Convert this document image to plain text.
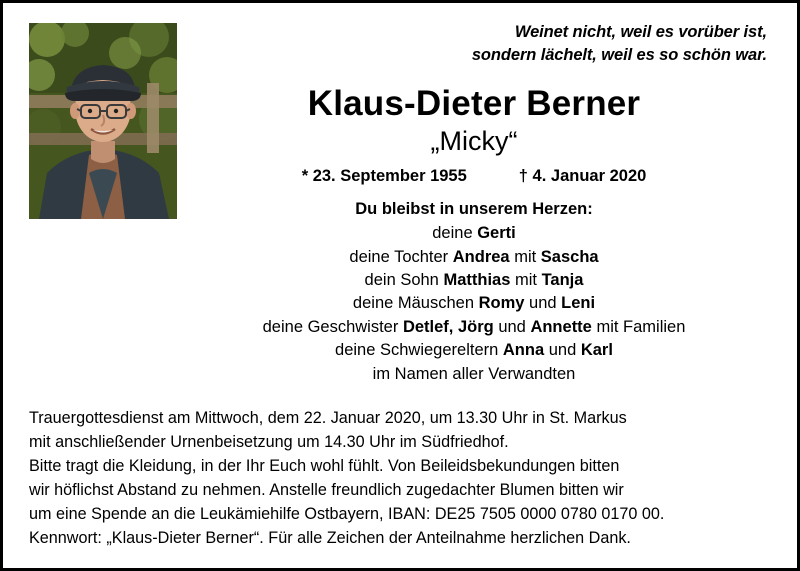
Weinet nicht, weil es vorüber ist,
sondern lächelt, weil es so schön war.
Klaus-Dieter Berner
„Micky“
* 23. September 1955	† 4. Januar 2020
Du bleibst in unserem Herzen:
deine Gerti
deine Tochter Andrea mit Sascha
dein Sohn Matthias mit Tanja
deine Mäuschen Romy und Leni
deine Geschwister Detlef, Jörg und Annette mit Familien
deine Schwiegereltern Anna und Karl
im Namen aller Verwandten
Trauergottesdienst am Mittwoch, dem 22. Januar 2020, um 13.30 Uhr in St. Markus
mit anschließender Urnenbeisetzung um 14.30 Uhr im Südfriedhof.
Bitte tragt die Kleidung, in der Ihr Euch wohl fühlt. Von Beileidsbekundungen bitten
wir höflichst Abstand zu nehmen. Anstelle freundlich zugedachter Blumen bitten wir
um eine Spende an die Leukämiehilfe Ostbayern, IBAN: DE25 7505 0000 0780 0170 00.
Kennwort: „Klaus-Dieter Berner“. Für alle Zeichen der Anteilnahme herzlichen Dank.
